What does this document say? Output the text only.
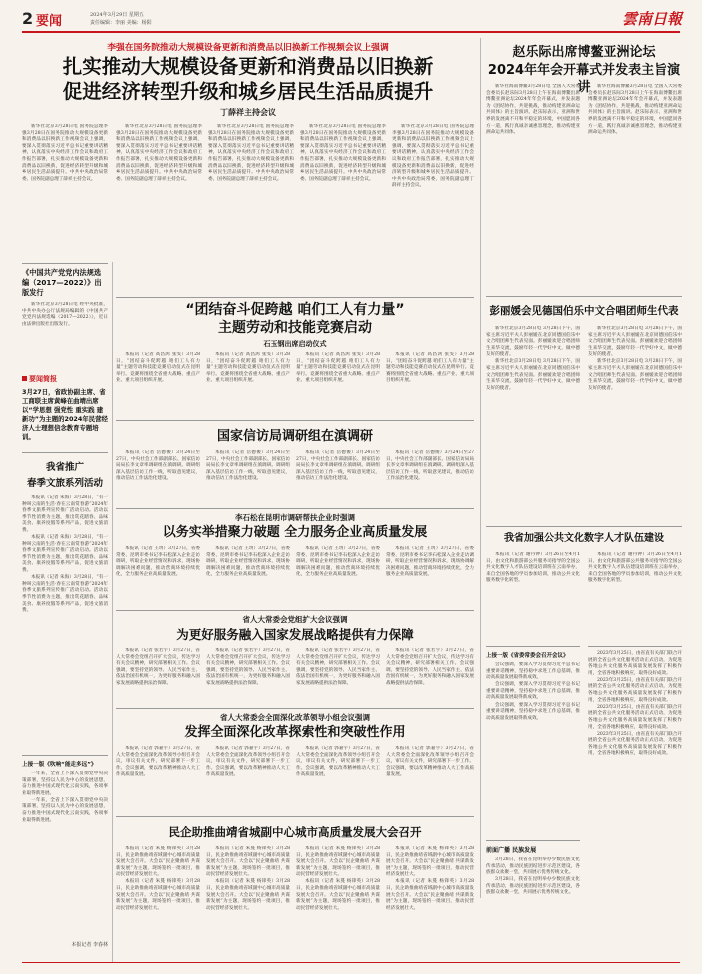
2 要闻	2024年3月29日 星期五
责任编辑：李丽 美编：杨阳	雲南日報
李强在国务院推动大规模设备更新和消费品以旧换新工作视频会议上强调
扎实推动大规模设备更新和消费品以旧换新
促进经济转型升级和城乡居民生活品质提升
丁薛祥主持会议

新华社北京3月28日电 国务院总理李强3月28日在国务院推动大规模设备更新和消费品以旧换新工作视频会议上强调，要深入贯彻落实习近平总书记重要讲话精神，认真落实中央经济工作会议和政府工作报告部署，扎实推动大规模设备更新和消费品以旧换新，促进经济转型升级和城乡居民生活品质提升。中共中央政治局常委、国务院副总理丁薛祥主持会议。

新华社北京3月28日电 国务院总理李强3月28日在国务院推动大规模设备更新和消费品以旧换新工作视频会议上强调，要深入贯彻落实习近平总书记重要讲话精神，认真落实中央经济工作会议和政府工作报告部署，扎实推动大规模设备更新和消费品以旧换新，促进经济转型升级和城乡居民生活品质提升。中共中央政治局常委、国务院副总理丁薛祥主持会议。

新华社北京3月28日电 国务院总理李强3月28日在国务院推动大规模设备更新和消费品以旧换新工作视频会议上强调，要深入贯彻落实习近平总书记重要讲话精神，认真落实中央经济工作会议和政府工作报告部署，扎实推动大规模设备更新和消费品以旧换新，促进经济转型升级和城乡居民生活品质提升。中共中央政治局常委、国务院副总理丁薛祥主持会议。

新华社北京3月28日电 国务院总理李强3月28日在国务院推动大规模设备更新和消费品以旧换新工作视频会议上强调，要深入贯彻落实习近平总书记重要讲话精神，认真落实中央经济工作会议和政府工作报告部署，扎实推动大规模设备更新和消费品以旧换新，促进经济转型升级和城乡居民生活品质提升。中共中央政治局常委、国务院副总理丁薛祥主持会议。

新华社北京3月28日电 国务院总理李强3月28日在国务院推动大规模设备更新和消费品以旧换新工作视频会议上强调，要深入贯彻落实习近平总书记重要讲话精神，认真落实中央经济工作会议和政府工作报告部署，扎实推动大规模设备更新和消费品以旧换新，促进经济转型升级和城乡居民生活品质提升。中共中央政治局常委、国务院副总理丁薛祥主持会议。

赵乐际出席博鳌亚洲论坛
2024年年会开幕式并发表主旨演讲

新华社海南博鳌3月28日电 全国人大常委会委员长赵乐际3月28日上午在海南博鳌出席博鳌亚洲论坛2024年年会开幕式，并发表题为《团结协作，共迎挑战，推动构建亚洲命运共同体》的主旨演讲。赵乐际表示，亚洲和世界的发展离不开和平稳定的环境，中国愿同各方一道，践行真诚亲诚惠容理念，推动构建亚洲命运共同体。

新华社海南博鳌3月28日电 全国人大常委会委员长赵乐际3月28日上午在海南博鳌出席博鳌亚洲论坛2024年年会开幕式，并发表题为《团结协作，共迎挑战，推动构建亚洲命运共同体》的主旨演讲。赵乐际表示，亚洲和世界的发展离不开和平稳定的环境，中国愿同各方一道，践行真诚亲诚惠容理念，推动构建亚洲命运共同体。

《中国共产党党内法规选编（2017—2022）》出版发行

新华社北京3月28日电 经中央批准，中共中央办公厅法规局编辑的《中国共产党党内法规选编（2017—2022）》，近日由法律出版社出版发行。

要闻简报
3月27日，省政协副主席、省工商联主席黄峰在曲靖出席以“学思想 强党性 重实践 建新功”为主题的2024年民营经济人士理想信念教育专题培训。
我省推广
春季文旅系列活动

本报讯（记者 朱海）3月28日，“有一种叫云南的生活·春在云南赏春游”2024年春季文旅系列宣传推广活动启动。活动以季节性消费为主题，推出赏花踏春、品味美食、康养度假等系列产品，促进文旅消费。

本报讯（记者 朱海）3月28日，“有一种叫云南的生活·春在云南赏春游”2024年春季文旅系列宣传推广活动启动。活动以季节性消费为主题，推出赏花踏春、品味美食、康养度假等系列产品，促进文旅消费。

本报讯（记者 朱海）3月28日，“有一种叫云南的生活·春在云南赏春游”2024年春季文旅系列宣传推广活动启动。活动以季节性消费为主题，推出赏花踏春、品味美食、康养度假等系列产品，促进文旅消费。

上接一版《吹响“能走多远”》

一年来，全省上下深入贯彻党中央决策部署，坚持以人民为中心的发展思想，奋力推进中国式现代化云南实践，各项事业取得新进展。

一年来，全省上下深入贯彻党中央决策部署，坚持以人民为中心的发展思想，奋力推进中国式现代化云南实践，各项事业取得新进展。

本报记者 李春林
“团结奋斗促跨越 咱们工人有力量”
主题劳动和技能竞赛启动
石玉钢出席启动仪式

本报讯（记者 高昌鸿 张雯）3月28日，“团结奋斗促跨越 咱们工人有力量”主题劳动和技能竞赛启动仪式在昆明举行。竞赛将围绕全省重大战略、重点产业、重大项目组织开展。

本报讯（记者 高昌鸿 张雯）3月28日，“团结奋斗促跨越 咱们工人有力量”主题劳动和技能竞赛启动仪式在昆明举行。竞赛将围绕全省重大战略、重点产业、重大项目组织开展。

本报讯（记者 高昌鸿 张雯）3月28日，“团结奋斗促跨越 咱们工人有力量”主题劳动和技能竞赛启动仪式在昆明举行。竞赛将围绕全省重大战略、重点产业、重大项目组织开展。

本报讯（记者 高昌鸿 张雯）3月28日，“团结奋斗促跨越 咱们工人有力量”主题劳动和技能竞赛启动仪式在昆明举行。竞赛将围绕全省重大战略、重点产业、重大项目组织开展。

国家信访局调研组在滇调研

本报讯（记者 岳德俊）3月24日至27日，中央社会工作部副部长、国家信访局局长李文章率调研组在滇调研。调研组深入基层信访工作一线，听取意见建议，推动信访工作法治化建设。

本报讯（记者 岳德俊）3月24日至27日，中央社会工作部副部长、国家信访局局长李文章率调研组在滇调研。调研组深入基层信访工作一线，听取意见建议，推动信访工作法治化建设。

本报讯（记者 岳德俊）3月24日至27日，中央社会工作部副部长、国家信访局局长李文章率调研组在滇调研。调研组深入基层信访工作一线，听取意见建议，推动信访工作法治化建设。

本报讯（记者 岳德俊）3月24日至27日，中央社会工作部副部长、国家信访局局长李文章率调研组在滇调研。调研组深入基层信访工作一线，听取意见建议，推动信访工作法治化建设。

李石松在昆明市调研帮扶企业时强调
以务实举措聚力破题 全力服务企业高质量发展

本报讯（记者 王玥）3月27日，省委常委、昆明市委书记李石松深入企业走访调研，听取企业经营情况和诉求，现场协调解决困难问题，推动营商环境持续优化，全力服务企业高质量发展。

本报讯（记者 王玥）3月27日，省委常委、昆明市委书记李石松深入企业走访调研，听取企业经营情况和诉求，现场协调解决困难问题，推动营商环境持续优化，全力服务企业高质量发展。

本报讯（记者 王玥）3月27日，省委常委、昆明市委书记李石松深入企业走访调研，听取企业经营情况和诉求，现场协调解决困难问题，推动营商环境持续优化，全力服务企业高质量发展。

本报讯（记者 王玥）3月27日，省委常委、昆明市委书记李石松深入企业走访调研，听取企业经营情况和诉求，现场协调解决困难问题，推动营商环境持续优化，全力服务企业高质量发展。

省人大常委会党组扩大会议强调
为更好服务融入国家发展战略提供有力保障

本报讯（记者 张若宇）3月27日，省人大常委会党组召开扩大会议，传达学习有关会议精神，研究部署相关工作。会议强调，要坚持党的领导、人民当家作主、依法治国有机统一，为更好服务和融入国家发展战略提供法治保障。

本报讯（记者 张若宇）3月27日，省人大常委会党组召开扩大会议，传达学习有关会议精神，研究部署相关工作。会议强调，要坚持党的领导、人民当家作主、依法治国有机统一，为更好服务和融入国家发展战略提供法治保障。

本报讯（记者 张若宇）3月27日，省人大常委会党组召开扩大会议，传达学习有关会议精神，研究部署相关工作。会议强调，要坚持党的领导、人民当家作主、依法治国有机统一，为更好服务和融入国家发展战略提供法治保障。

本报讯（记者 张若宇）3月27日，省人大常委会党组召开扩大会议，传达学习有关会议精神，研究部署相关工作。会议强调，要坚持党的领导、人民当家作主、依法治国有机统一，为更好服务和融入国家发展战略提供法治保障。

省人大常委会全面深化改革领导小组会议强调
发挥全面深化改革探索性和突破性作用

本报讯（记者 郭嘉宇）3月27日，省人大常委会全面深化改革领导小组召开会议，审议有关文件，研究部署下一步工作。会议强调，要以改革精神推动人大工作高质量发展。

本报讯（记者 郭嘉宇）3月27日，省人大常委会全面深化改革领导小组召开会议，审议有关文件，研究部署下一步工作。会议强调，要以改革精神推动人大工作高质量发展。

本报讯（记者 郭嘉宇）3月27日，省人大常委会全面深化改革领导小组召开会议，审议有关文件，研究部署下一步工作。会议强调，要以改革精神推动人大工作高质量发展。

本报讯（记者 郭嘉宇）3月27日，省人大常委会全面深化改革领导小组召开会议，审议有关文件，研究部署下一步工作。会议强调，要以改革精神推动人大工作高质量发展。

民企助推曲靖省城副中心城市高质量发展大会召开

本报讯（记者 朱蔓 杨锋英）3月28日，民企助推曲靖省域副中心城市高质量发展大会召开。大会以“民企聚曲靖 共谋新发展”为主题，现场签约一批项目，推动民营经济发展壮大。

本报讯（记者 朱蔓 杨锋英）3月28日，民企助推曲靖省域副中心城市高质量发展大会召开。大会以“民企聚曲靖 共谋新发展”为主题，现场签约一批项目，推动民营经济发展壮大。

本报讯（记者 朱蔓 杨锋英）3月28日，民企助推曲靖省域副中心城市高质量发展大会召开。大会以“民企聚曲靖 共谋新发展”为主题，现场签约一批项目，推动民营经济发展壮大。

本报讯（记者 朱蔓 杨锋英）3月28日，民企助推曲靖省域副中心城市高质量发展大会召开。大会以“民企聚曲靖 共谋新发展”为主题，现场签约一批项目，推动民营经济发展壮大。

本报讯（记者 朱蔓 杨锋英）3月28日，民企助推曲靖省域副中心城市高质量发展大会召开。大会以“民企聚曲靖 共谋新发展”为主题，现场签约一批项目，推动民营经济发展壮大。

本报讯（记者 朱蔓 杨锋英）3月28日，民企助推曲靖省域副中心城市高质量发展大会召开。大会以“民企聚曲靖 共谋新发展”为主题，现场签约一批项目，推动民营经济发展壮大。

本报讯（记者 朱蔓 杨锋英）3月28日，民企助推曲靖省域副中心城市高质量发展大会召开。大会以“民企聚曲靖 共谋新发展”为主题，现场签约一批项目，推动民营经济发展壮大。

本报讯（记者 朱蔓 杨锋英）3月28日，民企助推曲靖省域副中心城市高质量发展大会召开。大会以“民企聚曲靖 共谋新发展”为主题，现场签约一批项目，推动民营经济发展壮大。

彭丽媛会见德国伯乐中文合唱团师生代表

新华社北京3月28日电 3月28日下午，国家主席习近平夫人彭丽媛在北京同德国伯乐中文合唱团师生代表见面。彭丽媛欢迎合唱团师生来华交流，鼓励年轻一代学好中文，做中德友好的使者。

新华社北京3月28日电 3月28日下午，国家主席习近平夫人彭丽媛在北京同德国伯乐中文合唱团师生代表见面。彭丽媛欢迎合唱团师生来华交流，鼓励年轻一代学好中文，做中德友好的使者。

新华社北京3月28日电 3月28日下午，国家主席习近平夫人彭丽媛在北京同德国伯乐中文合唱团师生代表见面。彭丽媛欢迎合唱团师生来华交流，鼓励年轻一代学好中文，做中德友好的使者。

新华社北京3月28日电 3月28日下午，国家主席习近平夫人彭丽媛在北京同德国伯乐中文合唱团师生代表见面。彭丽媛欢迎合唱团师生来华交流，鼓励年轻一代学好中文，做中德友好的使者。

我省加强公共文化数字人才队伍建设

本报讯（记者 谢丹钟）3月26日至4月1日，由文化和旅游部公共服务司指导的全国公共文化数字人才队伍建设培训班在云南举办，来自全国各地的学员参加培训，推动公共文化服务数字化转型。

本报讯（记者 谢丹钟）3月26日至4月1日，由文化和旅游部公共服务司指导的全国公共文化数字人才队伍建设培训班在云南举办，来自全国各地的学员参加培训，推动公共文化服务数字化转型。

上接一版《省委常委会召开会议》

会议强调，要深入学习贯彻习近平总书记重要讲话精神，坚持稳中求进工作总基调，推动高质量发展取得新成效。

会议强调，要深入学习贯彻习近平总书记重要讲话精神，坚持稳中求进工作总基调，推动高质量发展取得新成效。

会议强调，要深入学习贯彻习近平总书记重要讲话精神，坚持稳中求进工作总基调，推动高质量发展取得新成效。

前面广播 民族发展

3月28日，我省在昆明举办少数民族文化传承活动，推动民族团结进步示范区建设，各族群众欢聚一堂，共同展示优秀传统文化。

3月28日，我省在昆明举办少数民族文化传承活动，推动民族团结进步示范区建设，各族群众欢聚一堂，共同展示优秀传统文化。

2023年3月25日，由省直有关部门联合开展的全省公共文化服务活动正式启动，为促进各地公共文化服务高质量发展发挥了积极作用，全省各地积极响应，取得良好成效。

2023年3月25日，由省直有关部门联合开展的全省公共文化服务活动正式启动，为促进各地公共文化服务高质量发展发挥了积极作用，全省各地积极响应，取得良好成效。

2023年3月25日，由省直有关部门联合开展的全省公共文化服务活动正式启动，为促进各地公共文化服务高质量发展发挥了积极作用，全省各地积极响应，取得良好成效。

2023年3月25日，由省直有关部门联合开展的全省公共文化服务活动正式启动，为促进各地公共文化服务高质量发展发挥了积极作用，全省各地积极响应，取得良好成效。
